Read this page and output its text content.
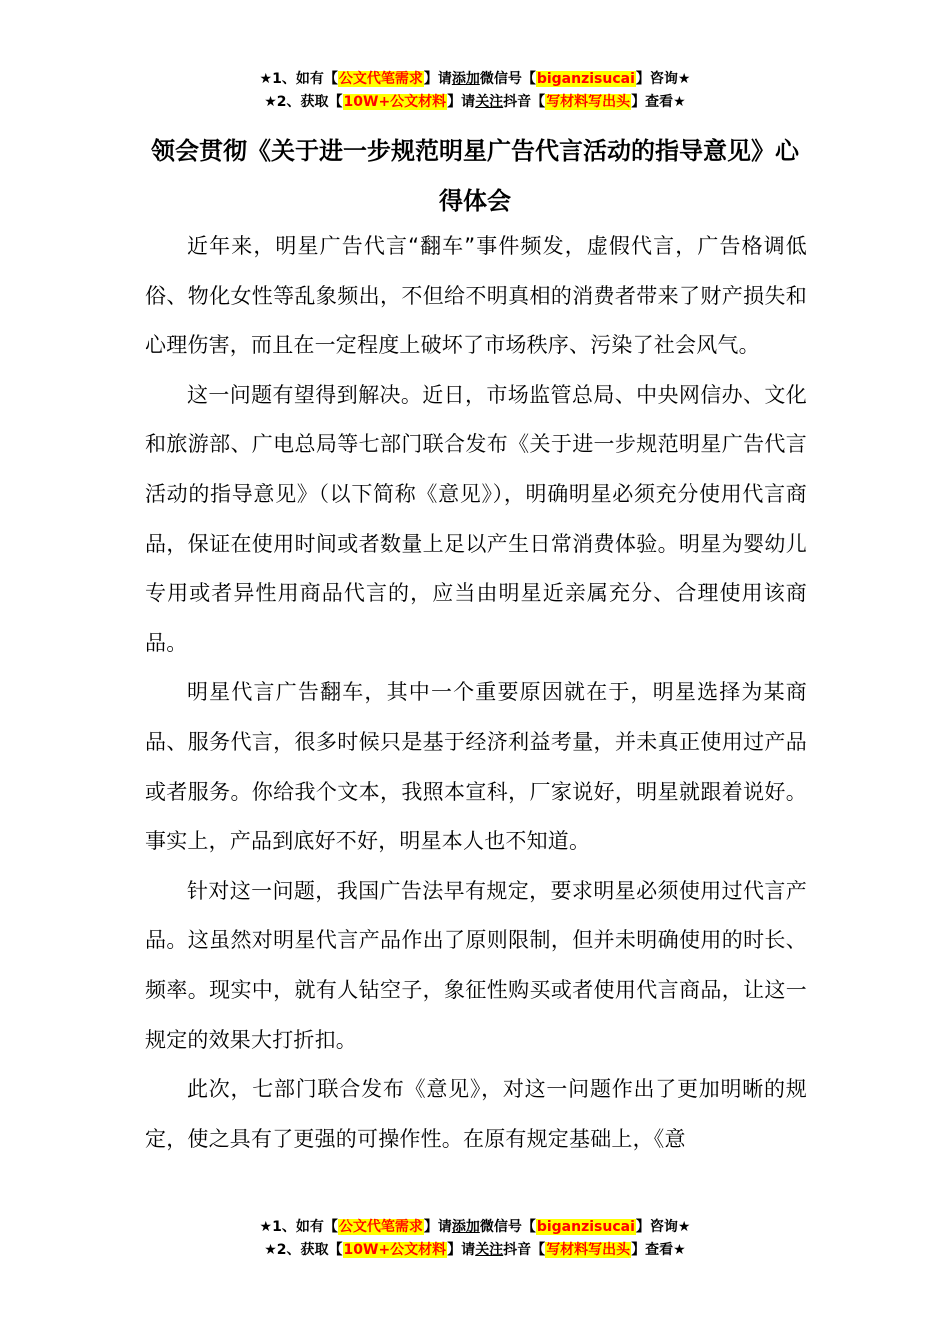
★1、如有【公文代笔需求】请添加微信号【biganzisucai】咨询★
★2、获取【10W+公文材料】请关注抖音【写材料写出头】查看★
领会贯彻《关于进一步规范明星广告代言活动的指导意见》心得体会

近年来，明星广告代言“翻车”事件频发，虚假代言，广告格调低俗、物化女性等乱象频出，不但给不明真相的消费者带来了财产损失和心理伤害，而且在一定程度上破坏了市场秩序、污染了社会风气。

这一问题有望得到解决。近日，市场监管总局、中央网信办、文化和旅游部、广电总局等七部门联合发布《关于进一步规范明星广告代言活动的指导意见》（以下简称《意见》），明确明星必须充分使用代言商品，保证在使用时间或者数量上足以产生日常消费体验。明星为婴幼儿专用或者异性用商品代言的，应当由明星近亲属充分、合理使用该商品。

明星代言广告翻车，其中一个重要原因就在于，明星选择为某商品、服务代言，很多时候只是基于经济利益考量，并未真正使用过产品或者服务。你给我个文本，我照本宣科，厂家说好，明星就跟着说好。事实上，产品到底好不好，明星本人也不知道。

针对这一问题，我国广告法早有规定，要求明星必须使用过代言产品。这虽然对明星代言产品作出了原则限制，但并未明确使用的时长、频率。现实中，就有人钻空子，象征性购买或者使用代言商品，让这一规定的效果大打折扣。

此次，七部门联合发布《意见》，对这一问题作出了更加明晰的规定，使之具有了更强的可操作性。在原有规定基础上，《意

★1、如有【公文代笔需求】请添加微信号【biganzisucai】咨询★
★2、获取【10W+公文材料】请关注抖音【写材料写出头】查看★
